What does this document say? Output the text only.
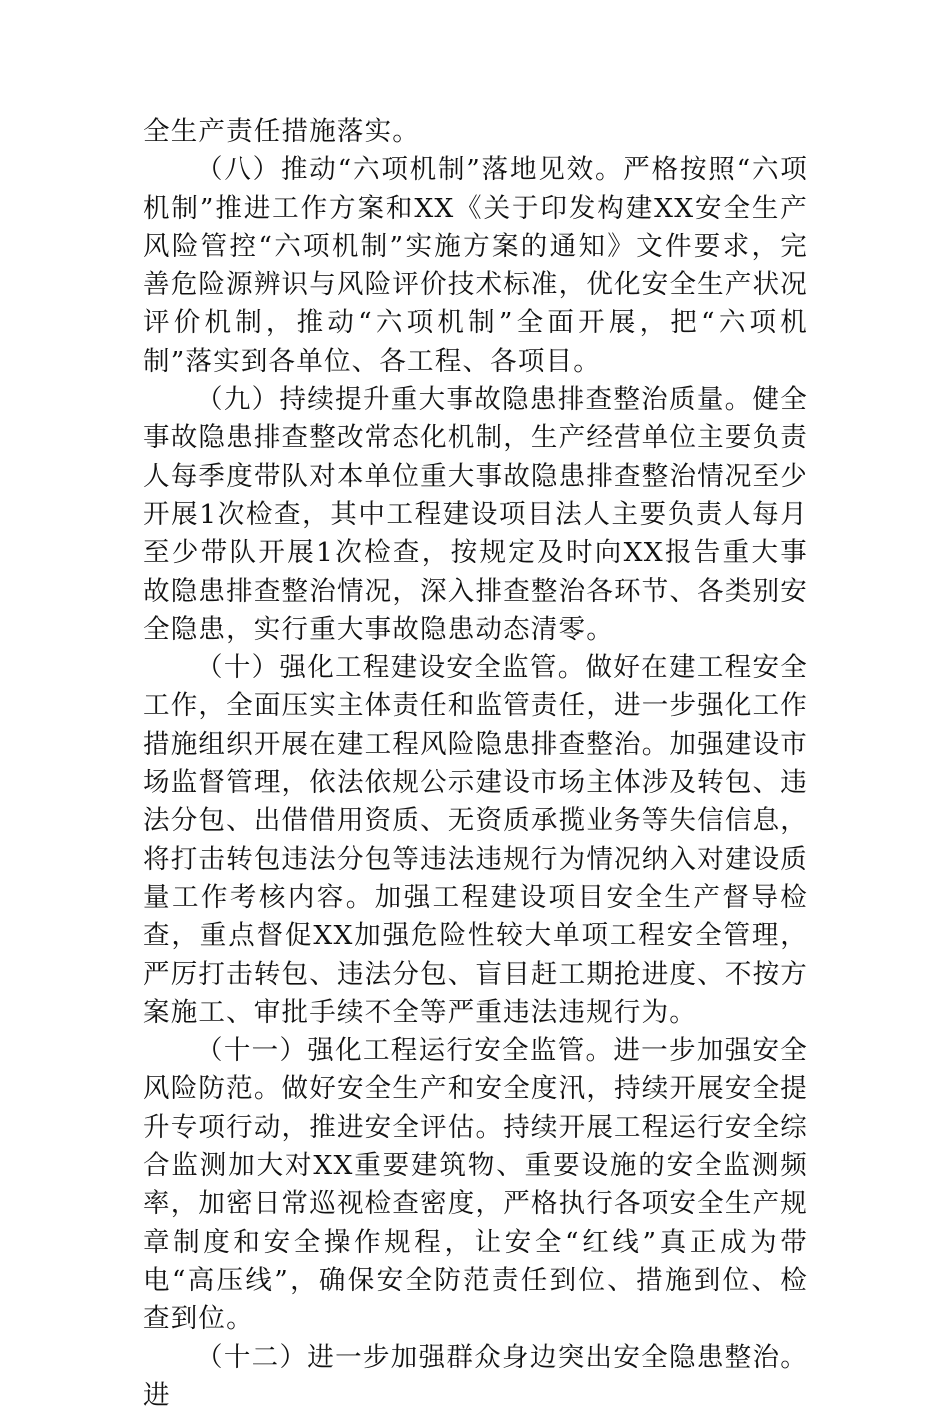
全生产责任措施落实。

（八）推动“六项机制”落地见效。严格按照“六项机制”推进工作方案和XX《关于印发构建XX安全生产风险管控“六项机制”实施方案的通知》文件要求，完善危险源辨识与风险评价技术标准，优化安全生产状况评价机制，推动“六项机制”全面开展，把“六项机制”落实到各单位、各工程、各项目。

（九）持续提升重大事故隐患排查整治质量。健全事故隐患排查整改常态化机制，生产经营单位主要负责人每季度带队对本单位重大事故隐患排查整治情况至少开展1次检查，其中工程建设项目法人主要负责人每月至少带队开展1次检查，按规定及时向XX报告重大事故隐患排查整治情况，深入排查整治各环节、各类别安全隐患，实行重大事故隐患动态清零。

（十）强化工程建设安全监管。做好在建工程安全工作，全面压实主体责任和监管责任，进一步强化工作措施组织开展在建工程风险隐患排查整治。加强建设市场监督管理，依法依规公示建设市场主体涉及转包、违法分包、出借借用资质、无资质承揽业务等失信信息，将打击转包违法分包等违法违规行为情况纳入对建设质量工作考核内容。加强工程建设项目安全生产督导检查，重点督促XX加强危险性较大单项工程安全管理，严厉打击转包、违法分包、盲目赶工期抢进度、不按方案施工、审批手续不全等严重违法违规行为。

（十一）强化工程运行安全监管。进一步加强安全风险防范。做好安全生产和安全度汛，持续开展安全提升专项行动，推进安全评估。持续开展工程运行安全综合监测加大对XX重要建筑物、重要设施的安全监测频率，加密日常巡视检查密度，严格执行各项安全生产规章制度和安全操作规程，让安全“红线”真正成为带电“高压线”，确保安全防范责任到位、措施到位、检查到位。

（十二）进一步加强群众身边突出安全隐患整治。进
